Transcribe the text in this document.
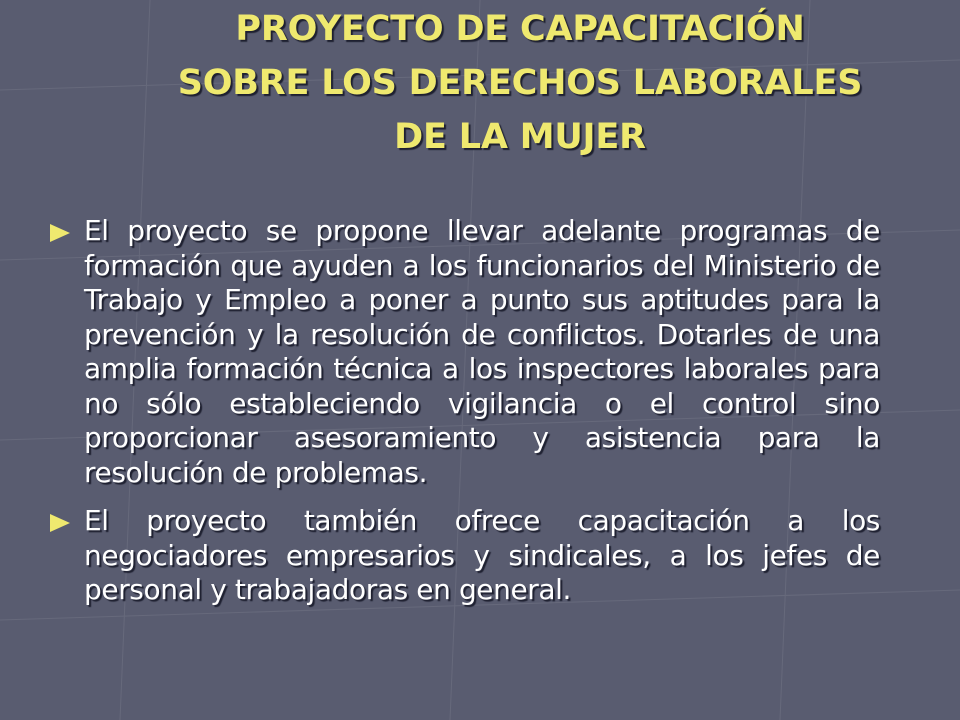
PROYECTO DE CAPACITACIÓN
SOBRE LOS DERECHOS LABORALES
DE LA MUJER

El proyecto se propone llevar adelante programas de formación que ayuden a los funcionarios del Ministerio de Trabajo y Empleo a poner a punto sus aptitudes para la prevención y la resolución de conflictos. Dotarles de una amplia formación técnica a los inspectores laborales para no sólo estableciendo vigilancia o el control sino proporcionar asesoramiento y asistencia para la resolución de problemas.

El proyecto también ofrece capacitación a los negociadores empresarios y sindicales, a los jefes de personal y trabajadoras en general.
